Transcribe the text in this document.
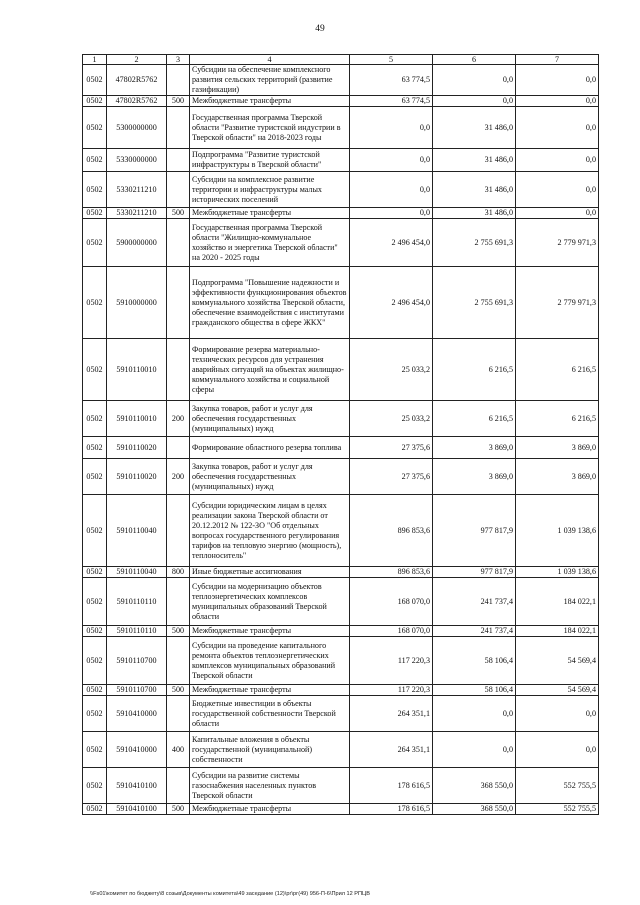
49
1	2	3	4	5	6	7
0502	47802R5762		Субсидии на обеспечение комплексного развития сельских территорий (развитие газификации)	63 774,5	0,0	0,0
0502	47802R5762	500	Межбюджетные трансферты	63 774,5	0,0	0,0
0502	5300000000		Государственная программа Тверской области "Развитие туристской индустрии в Тверской области" на 2018-2023 годы	0,0	31 486,0	0,0
0502	5330000000		Подпрограмма "Развитие туристской инфраструктуры в Тверской области"	0,0	31 486,0	0,0
0502	5330211210		Субсидии на комплексное развитие территории и инфраструктуры малых исторических поселений	0,0	31 486,0	0,0
0502	5330211210	500	Межбюджетные трансферты	0,0	31 486,0	0,0
0502	5900000000		Государственная программа Тверской области "Жилищно-коммунальное хозяйство и энергетика Тверской области" на 2020 - 2025 годы	2 496 454,0	2 755 691,3	2 779 971,3
0502	5910000000		Подпрограмма "Повышение надежности и эффективности функционирования объектов коммунального хозяйства Тверской области, обеспечение взаимодействия с институтами гражданского общества в сфере ЖКХ"	2 496 454,0	2 755 691,3	2 779 971,3
0502	5910110010		Формирование резерва материально-технических ресурсов для устранения аварийных ситуаций на объектах жилищно-коммунального хозяйства и социальной сферы	25 033,2	6 216,5	6 216,5
0502	5910110010	200	Закупка товаров, работ и услуг для обеспечения государственных (муниципальных) нужд	25 033,2	6 216,5	6 216,5
0502	5910110020		Формирование областного резерва топлива	27 375,6	3 869,0	3 869,0
0502	5910110020	200	Закупка товаров, работ и услуг для обеспечения государственных (муниципальных) нужд	27 375,6	3 869,0	3 869,0
0502	5910110040		Субсидии юридическим лицам в целях реализации закона Тверской области от 20.12.2012 № 122-ЗО "Об отдельных вопросах государственного регулирования тарифов на тепловую энергию (мощность), теплоноситель"	896 853,6	977 817,9	1 039 138,6
0502	5910110040	800	Иные бюджетные ассигнования	896 853,6	977 817,9	1 039 138,6
0502	5910110110		Субсидии на модернизацию объектов теплоэнергетических комплексов муниципальных образований Тверской области	168 070,0	241 737,4	184 022,1
0502	5910110110	500	Межбюджетные трансферты	168 070,0	241 737,4	184 022,1
0502	5910110700		Субсидии на проведение капитального ремонта объектов теплоэнергетических комплексов муниципальных образований Тверской области	117 220,3	58 106,4	54 569,4
0502	5910110700	500	Межбюджетные трансферты	117 220,3	58 106,4	54 569,4
0502	5910410000		Бюджетные инвестиции в объекты государственной собственности Тверской области	264 351,1	0,0	0,0
0502	5910410000	400	Капитальные вложения в объекты государственной (муниципальной) собственности	264 351,1	0,0	0,0
0502	5910410100		Субсидии на развитие системы газоснабжения населенных пунктов Тверской области	178 616,5	368 550,0	552 755,5
0502	5910410100	500	Межбюджетные трансферты	178 616,5	368 550,0	552 755,5
\\Fs01\комитет по бюджету\8 созыв\Документы комитета\49 заседание (12)\рг\рг(49) 956-П-6\Прил 12 РПЦВ
